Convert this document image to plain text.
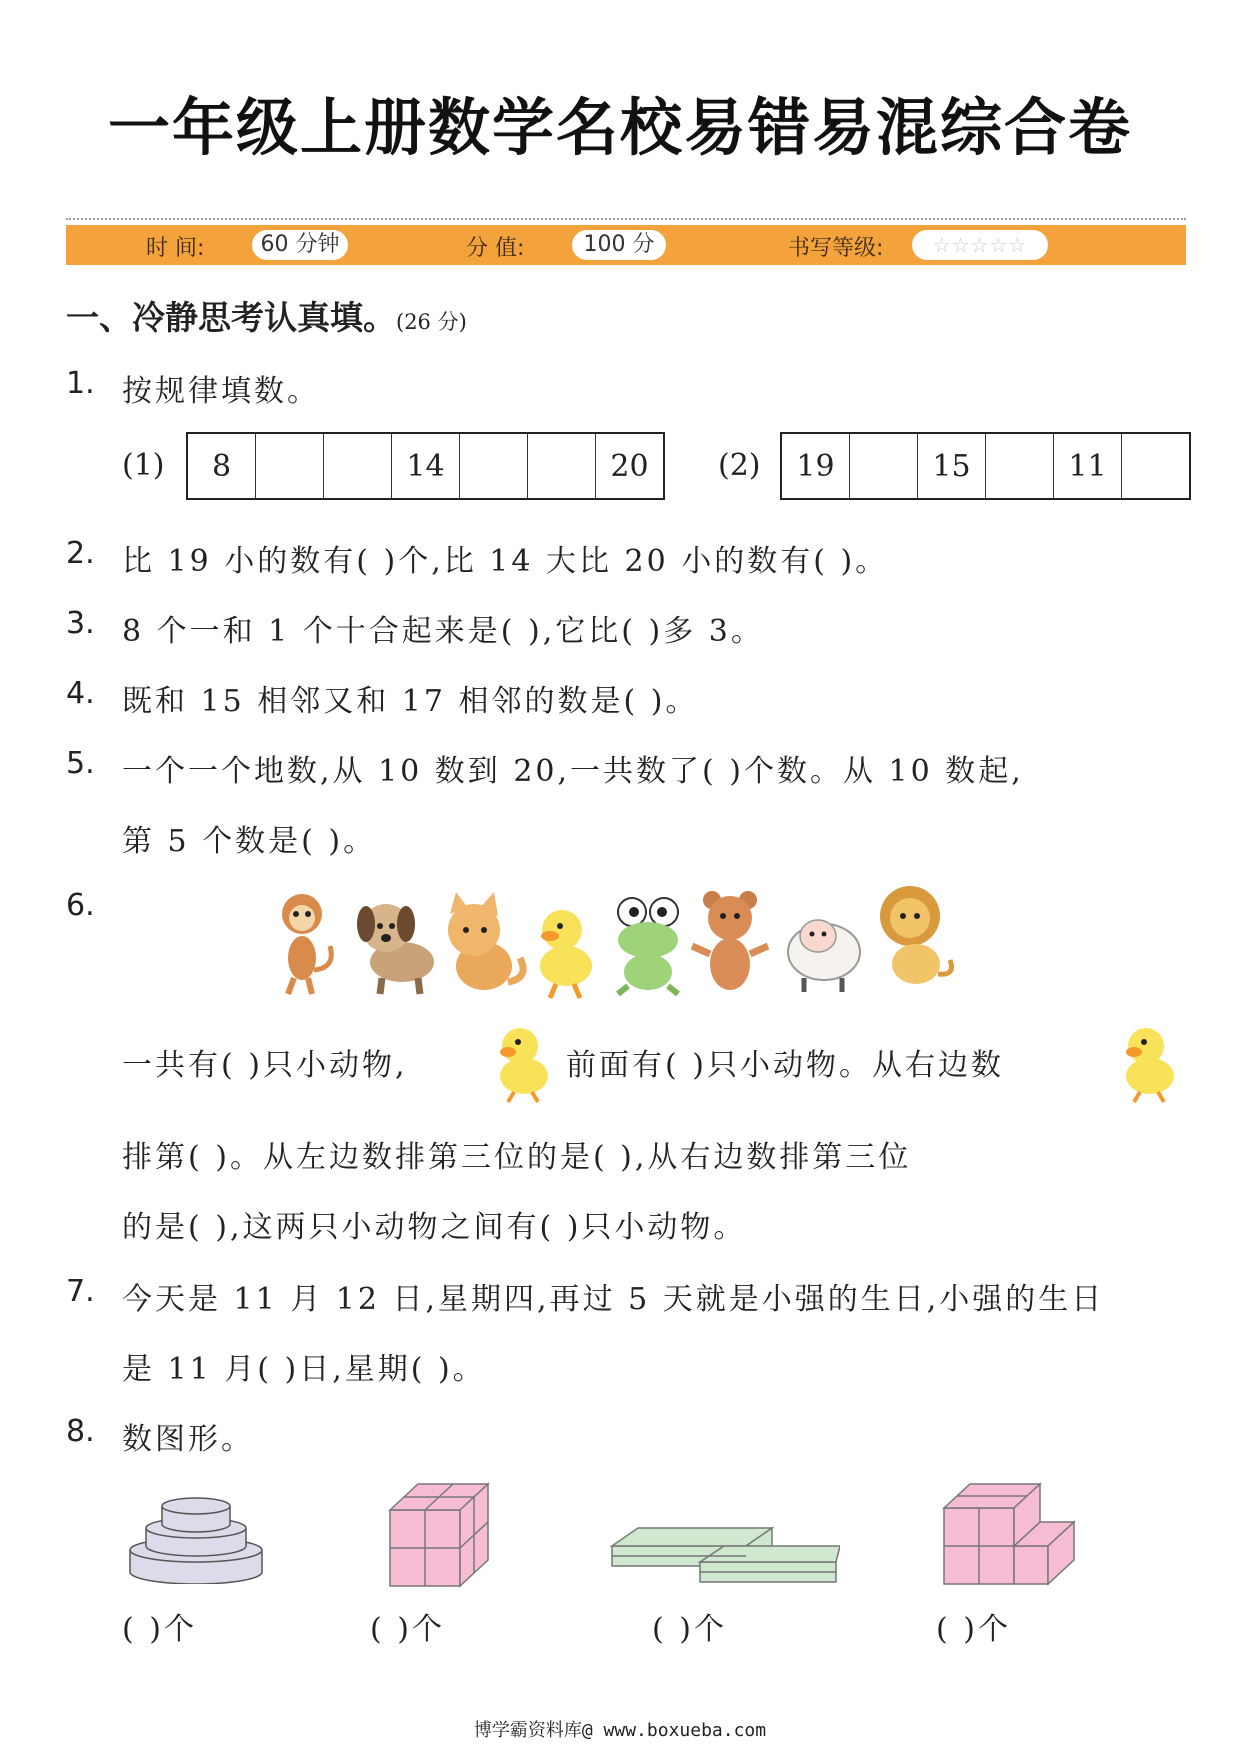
一年级上册数学名校易错易混综合卷
时 间:	60 分钟	分 值:	100 分	书写等级:	☆☆☆☆☆
一、冷静思考认真填。(26 分)
1. 按规律填数。
(1) 8			14			20 (2) 19		15		11	
2. 比 19 小的数有( )个,比 14 大比 20 小的数有( )。
3. 8 个一和 1 个十合起来是( ),它比( )多 3。
4. 既和 15 相邻又和 17 相邻的数是( )。
5. 一个一个地数,从 10 数到 20,一共数了( )个数。从 10 数起,
第 5 个数是( )。
6.
一共有( )只小动物,	前面有( )只小动物。从右边数
排第( )。从左边数排第三位的是( ),从右边数排第三位
的是( ),这两只小动物之间有( )只小动物。
7. 今天是 11 月 12 日,星期四,再过 5 天就是小强的生日,小强的生日
是 11 月( )日,星期( )。
8. 数图形。
( )个	( )个	( )个	( )个
博学霸资料库@ www.boxueba.com
